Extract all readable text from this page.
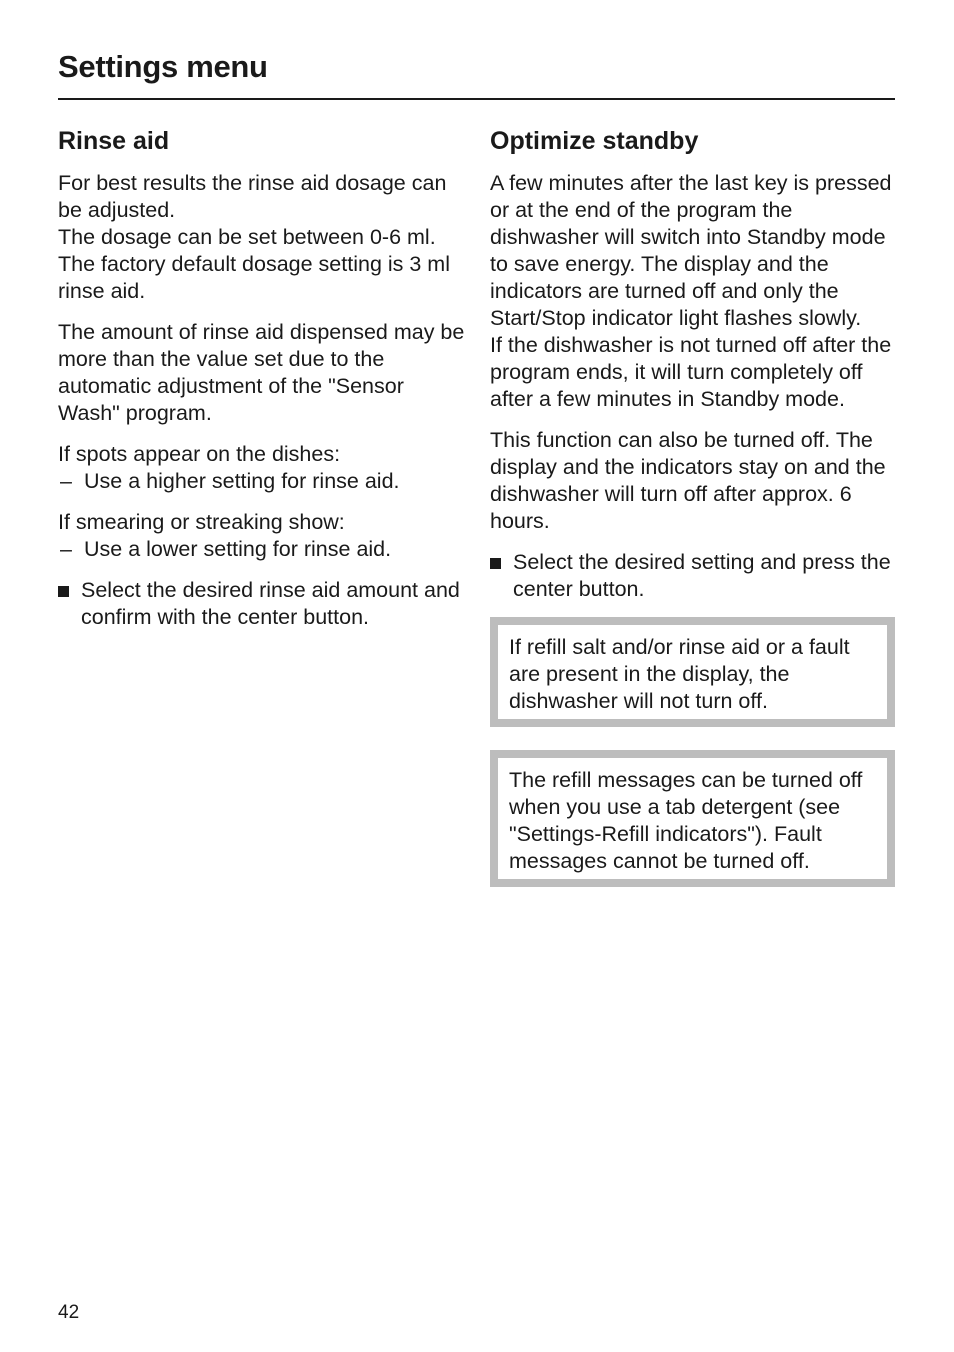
Settings menu
Rinse aid

For best results the rinse aid dosage can be adjusted.
The dosage can be set between 0-6 ml.
The factory default dosage setting is 3 ml rinse aid.

The amount of rinse aid dispensed may be more than the value set due to the automatic adjustment of the "Sensor Wash" program.

If spots appear on the dishes:

– Use a higher setting for rinse aid.

If smearing or streaking show:

– Use a lower setting for rinse aid.
Select the desired rinse aid amount and confirm with the center button.
Optimize standby

A few minutes after the last key is pressed or at the end of the program the dishwasher will switch into Standby mode to save energy. The display and the indicators are turned off and only the Start/Stop indicator light flashes slowly.

If the dishwasher is not turned off after the program ends, it will turn completely off after a few minutes in Standby mode.

This function can also be turned off. The display and the indicators stay on and the dishwasher will turn off after approx. 6 hours.

Select the desired setting and press the center button.
If refill salt and/or rinse aid or a fault are present in the display, the dishwasher will not turn off.
The refill messages can be turned off when you use a tab detergent (see "Settings-Refill indicators"). Fault messages cannot be turned off.
42
